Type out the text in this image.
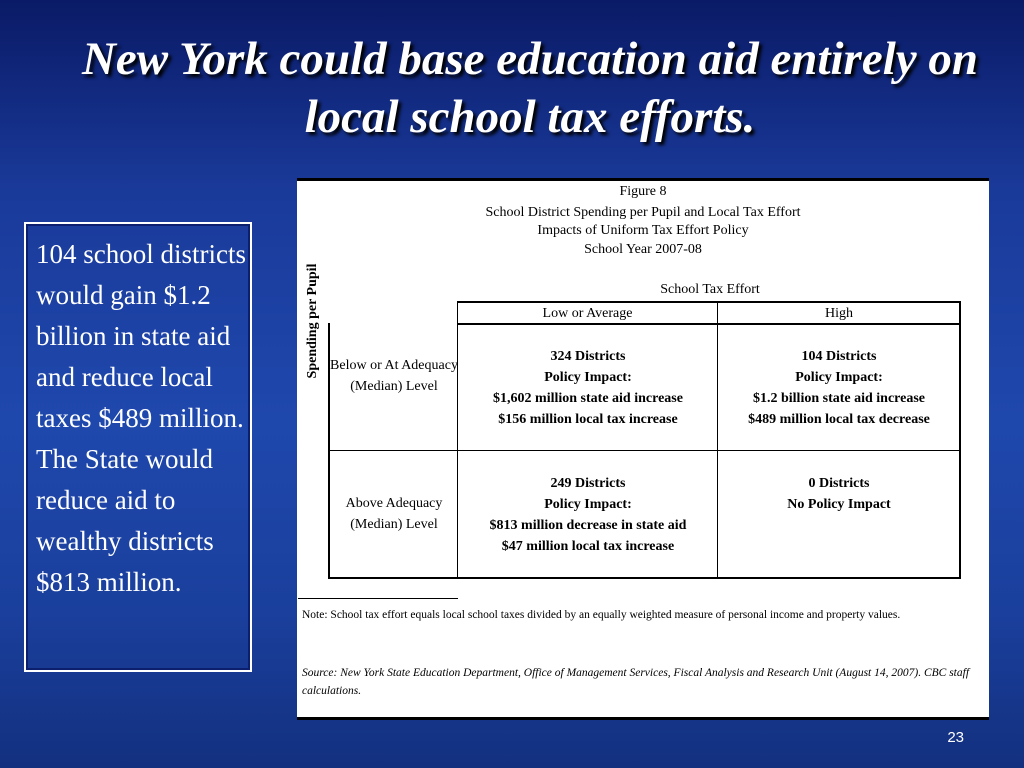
New York could base education aid entirely on local school tax efforts.
104 school districts would gain $1.2 billion in state aid and reduce local taxes $489 million. The State would reduce aid to wealthy districts $813 million.
Figure 8
School District Spending per Pupil and Local Tax Effort
Impacts of Uniform Tax Effort Policy
School Year 2007-08
School Tax Effort
Low or Average	High
Spending per Pupil Below or At Adequacy (Median) Level
Above Adequacy (Median) Level
324 Districts
Policy Impact:
$1,602 million state aid increase
$156 million local tax increase
104 Districts
Policy Impact:
$1.2 billion state aid increase
$489 million local tax decrease
249 Districts
Policy Impact:
$813 million decrease in state aid
$47 million local tax increase
0 Districts
No Policy Impact
Note: School tax effort equals local school taxes divided by an equally weighted measure of personal income and property values.
Source: New York State Education Department, Office of Management Services, Fiscal Analysis and Research Unit (August 14, 2007). CBC staff calculations.
23
